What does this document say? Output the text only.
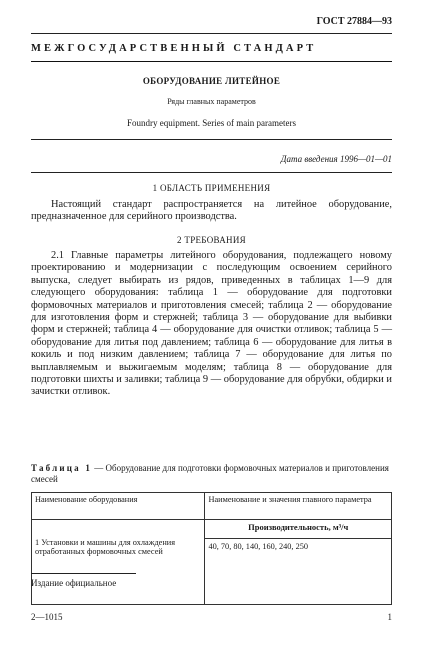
ГОСТ 27884—93
МЕЖГОСУДАРСТВЕННЫЙ СТАНДАРТ
ОБОРУДОВАНИЕ ЛИТЕЙНОЕ
Ряды главных параметров
Foundry equipment. Series of main parameters
Дата введения 1996—01—01
1 ОБЛАСТЬ ПРИМЕНЕНИЯ

Настоящий стандарт распространяется на литейное оборудование, предназначенное для серийного производства.

2 ТРЕБОВАНИЯ

2.1 Главные параметры литейного оборудования, подлежащего новому проектированию и модернизации с последующим освоением серийного выпуска, следует выбирать из рядов, приведенных в таблицах 1—9 для следующего оборудования: таблица 1 — оборудование для подготовки формовочных материалов и приготовления смесей; таблица 2 — оборудование для изготовления форм и стержней; таблица 3 — оборудование для выбивки форм и стержней; таблица 4 — оборудование для очистки отливок; таблица 5 — оборудование для литья под давлением; таблица 6 — оборудование для литья в кокиль и под низким давлением; таблица 7 — оборудование для литья по выплавляемым и выжигаемым моделям; таблица 8 — оборудование для подготовки шихты и заливки; таблица 9 — оборудование для обрубки, обдирки и зачистки отливок.

Таблица 1 — Оборудование для подготовки формовочных материалов и приготовления смесей
Наименование оборудования	Наименование и значения главного параметра
1 Установки и машины для охлаждения отработанных формовочных смесей	Производительность, м³/ч
40, 70, 80, 140, 160, 240, 250
Издание официальное
2—1015	1
